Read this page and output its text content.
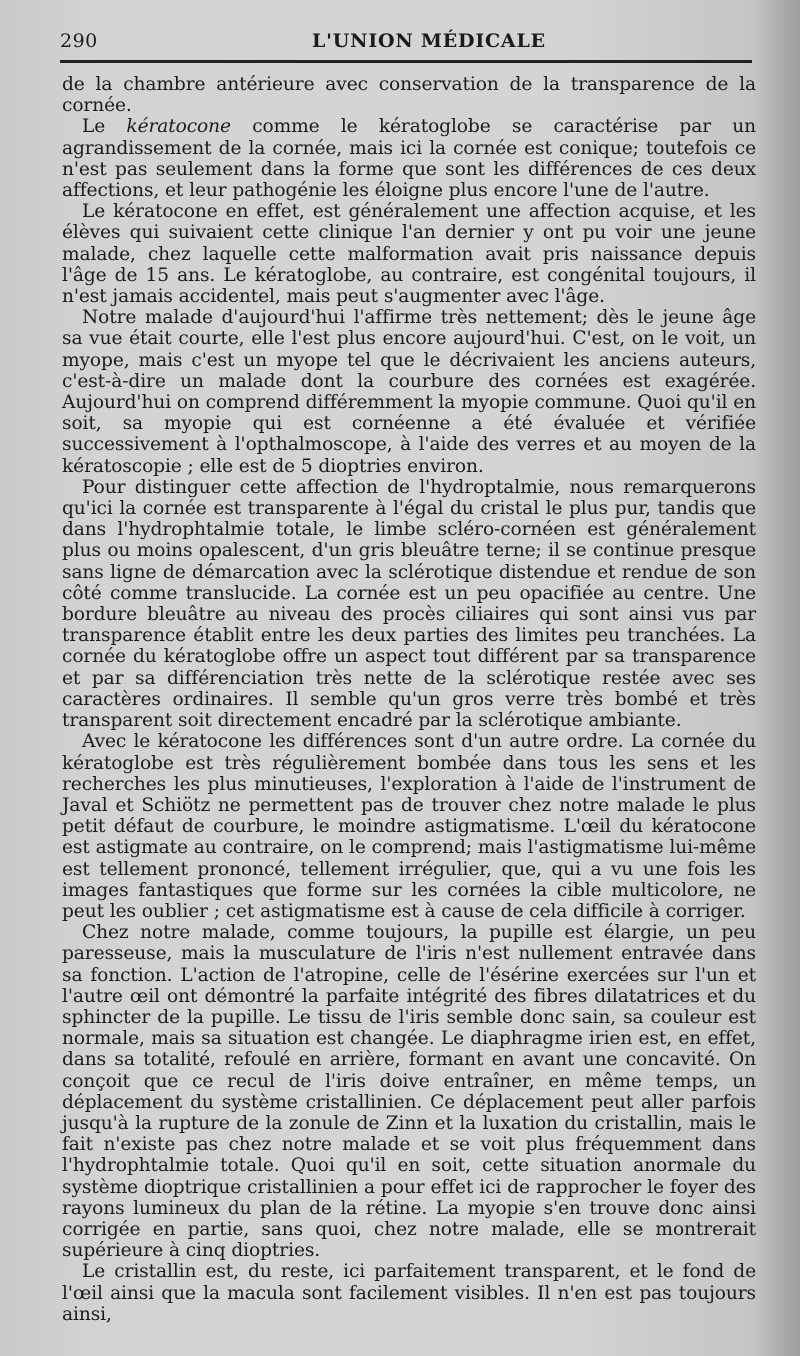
290	L'UNION MÉDICALE

de la chambre antérieure avec conservation de la transparence de la cornée.

Le kératocone comme le kératoglobe se caractérise par un agrandissement de la cornée, mais ici la cornée est conique; toutefois ce n'est pas seulement dans la forme que sont les différences de ces deux affections, et leur pathogénie les éloigne plus encore l'une de l'autre.

Le kératocone en effet, est généralement une affection acquise, et les élèves qui suivaient cette clinique l'an dernier y ont pu voir une jeune malade, chez laquelle cette malformation avait pris naissance depuis l'âge de 15 ans. Le kératoglobe, au contraire, est congénital toujours, il n'est jamais accidentel, mais peut s'augmenter avec l'âge.

Notre malade d'aujourd'hui l'affirme très nettement; dès le jeune âge sa vue était courte, elle l'est plus encore aujourd'hui. C'est, on le voit, un myope, mais c'est un myope tel que le décrivaient les anciens auteurs, c'est-à-dire un malade dont la courbure des cornées est exagérée. Aujourd'hui on comprend différemment la myopie commune. Quoi qu'il en soit, sa myopie qui est cornéenne a été évaluée et vérifiée successivement à l'opthalmoscope, à l'aide des verres et au moyen de la kératoscopie ; elle est de 5 dioptries environ.

Pour distinguer cette affection de l'hydroptalmie, nous remarquerons qu'ici la cornée est transparente à l'égal du cristal le plus pur, tandis que dans l'hydrophtalmie totale, le limbe scléro-cornéen est généralement plus ou moins opalescent, d'un gris bleuâtre terne; il se continue presque sans ligne de démarcation avec la sclérotique distendue et rendue de son côté comme translucide. La cornée est un peu opacifiée au centre. Une bordure bleuâtre au niveau des procès ciliaires qui sont ainsi vus par transparence établit entre les deux parties des limites peu tranchées. La cornée du kératoglobe offre un aspect tout différent par sa transparence et par sa différenciation très nette de la sclérotique restée avec ses caractères ordinaires. Il semble qu'un gros verre très bombé et très transparent soit directement encadré par la sclérotique ambiante.

Avec le kératocone les différences sont d'un autre ordre. La cornée du kératoglobe est très régulièrement bombée dans tous les sens et les recherches les plus minutieuses, l'exploration à l'aide de l'instrument de Javal et Schiötz ne permettent pas de trouver chez notre malade le plus petit défaut de courbure, le moindre astigmatisme. L'œil du kératocone est astigmate au contraire, on le comprend; mais l'astigmatisme lui-même est tellement prononcé, tellement irrégulier, que, qui a vu une fois les images fantastiques que forme sur les cornées la cible multicolore, ne peut les oublier ; cet astigmatisme est à cause de cela difficile à corriger.

Chez notre malade, comme toujours, la pupille est élargie, un peu paresseuse, mais la musculature de l'iris n'est nullement entravée dans sa fonction. L'action de l'atropine, celle de l'ésérine exercées sur l'un et l'autre œil ont démontré la parfaite intégrité des fibres dilatatrices et du sphincter de la pupille. Le tissu de l'iris semble donc sain, sa couleur est normale, mais sa situation est changée. Le diaphragme irien est, en effet, dans sa totalité, refoulé en arrière, formant en avant une concavité. On conçoit que ce recul de l'iris doive entraîner, en même temps, un déplacement du système cristallinien. Ce déplacement peut aller parfois jusqu'à la rupture de la zonule de Zinn et la luxation du cristallin, mais le fait n'existe pas chez notre malade et se voit plus fréquemment dans l'hydrophtalmie totale. Quoi qu'il en soit, cette situation anormale du système dioptrique cristallinien a pour effet ici de rapprocher le foyer des rayons lumineux du plan de la rétine. La myopie s'en trouve donc ainsi corrigée en partie, sans quoi, chez notre malade, elle se montrerait supérieure à cinq dioptries.

Le cristallin est, du reste, ici parfaitement transparent, et le fond de l'œil ainsi que la macula sont facilement visibles. Il n'en est pas toujours ainsi,
